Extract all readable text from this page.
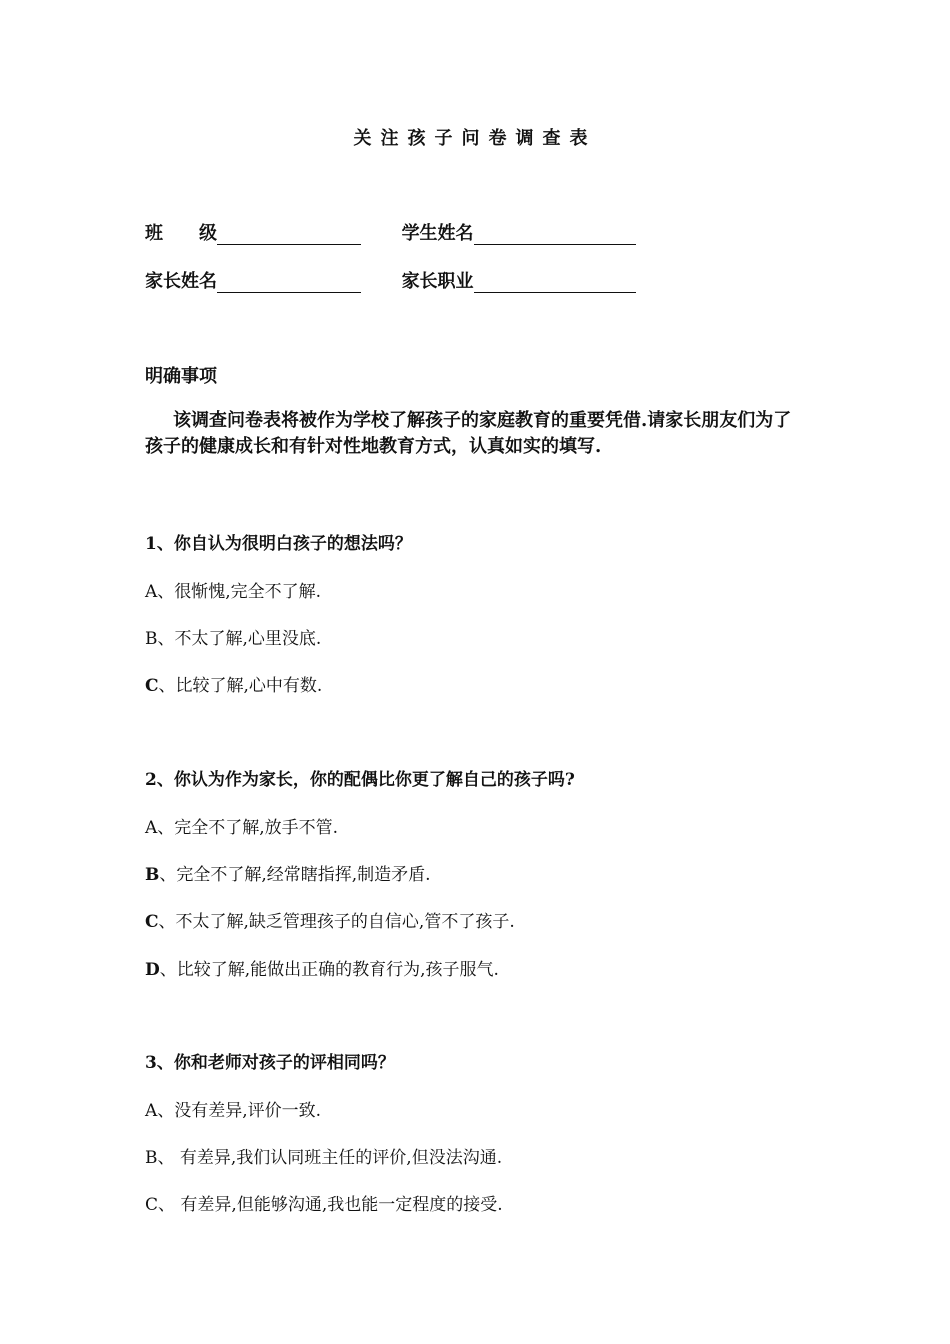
关注孩子问卷调查表
班　　级	学生姓名
家长姓名	家长职业
明确事项
该调查问卷表将被作为学校了解孩子的家庭教育的重要凭借.请家长朋友们为了孩子的健康成长和有针对性地教育方式，认真如实的填写.
1、你自认为很明白孩子的想法吗？
A、很惭愧,完全不了解.
B、不太了解,心里没底.
C、比较了解,心中有数.
2、你认为作为家长，你的配偶比你更了解自己的孩子吗?
A、完全不了解,放手不管.
B、完全不了解,经常瞎指挥,制造矛盾.
C、不太了解,缺乏管理孩子的自信心,管不了孩子.
D、比较了解,能做出正确的教育行为,孩子服气.
3、你和老师对孩子的评相同吗？
A、没有差异,评价一致.
B、 有差异,我们认同班主任的评价,但没法沟通.
C、 有差异,但能够沟通,我也能一定程度的接受.
